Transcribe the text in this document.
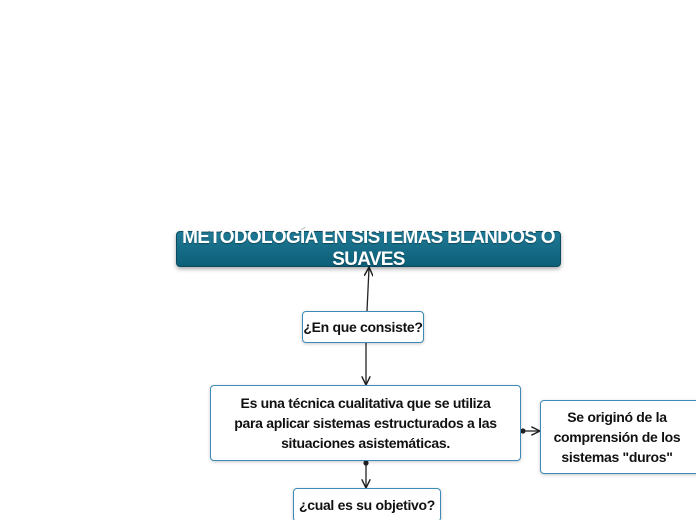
METODOLOGÍA EN SISTEMAS BLANDOS O SUAVES
¿En que consiste?
Es una técnica cualitativa que se utiliza para aplicar sistemas estructurados a las situaciones asistemáticas.
Se originó de la comprensión de los sistemas "duros"
¿cual es su objetivo?
